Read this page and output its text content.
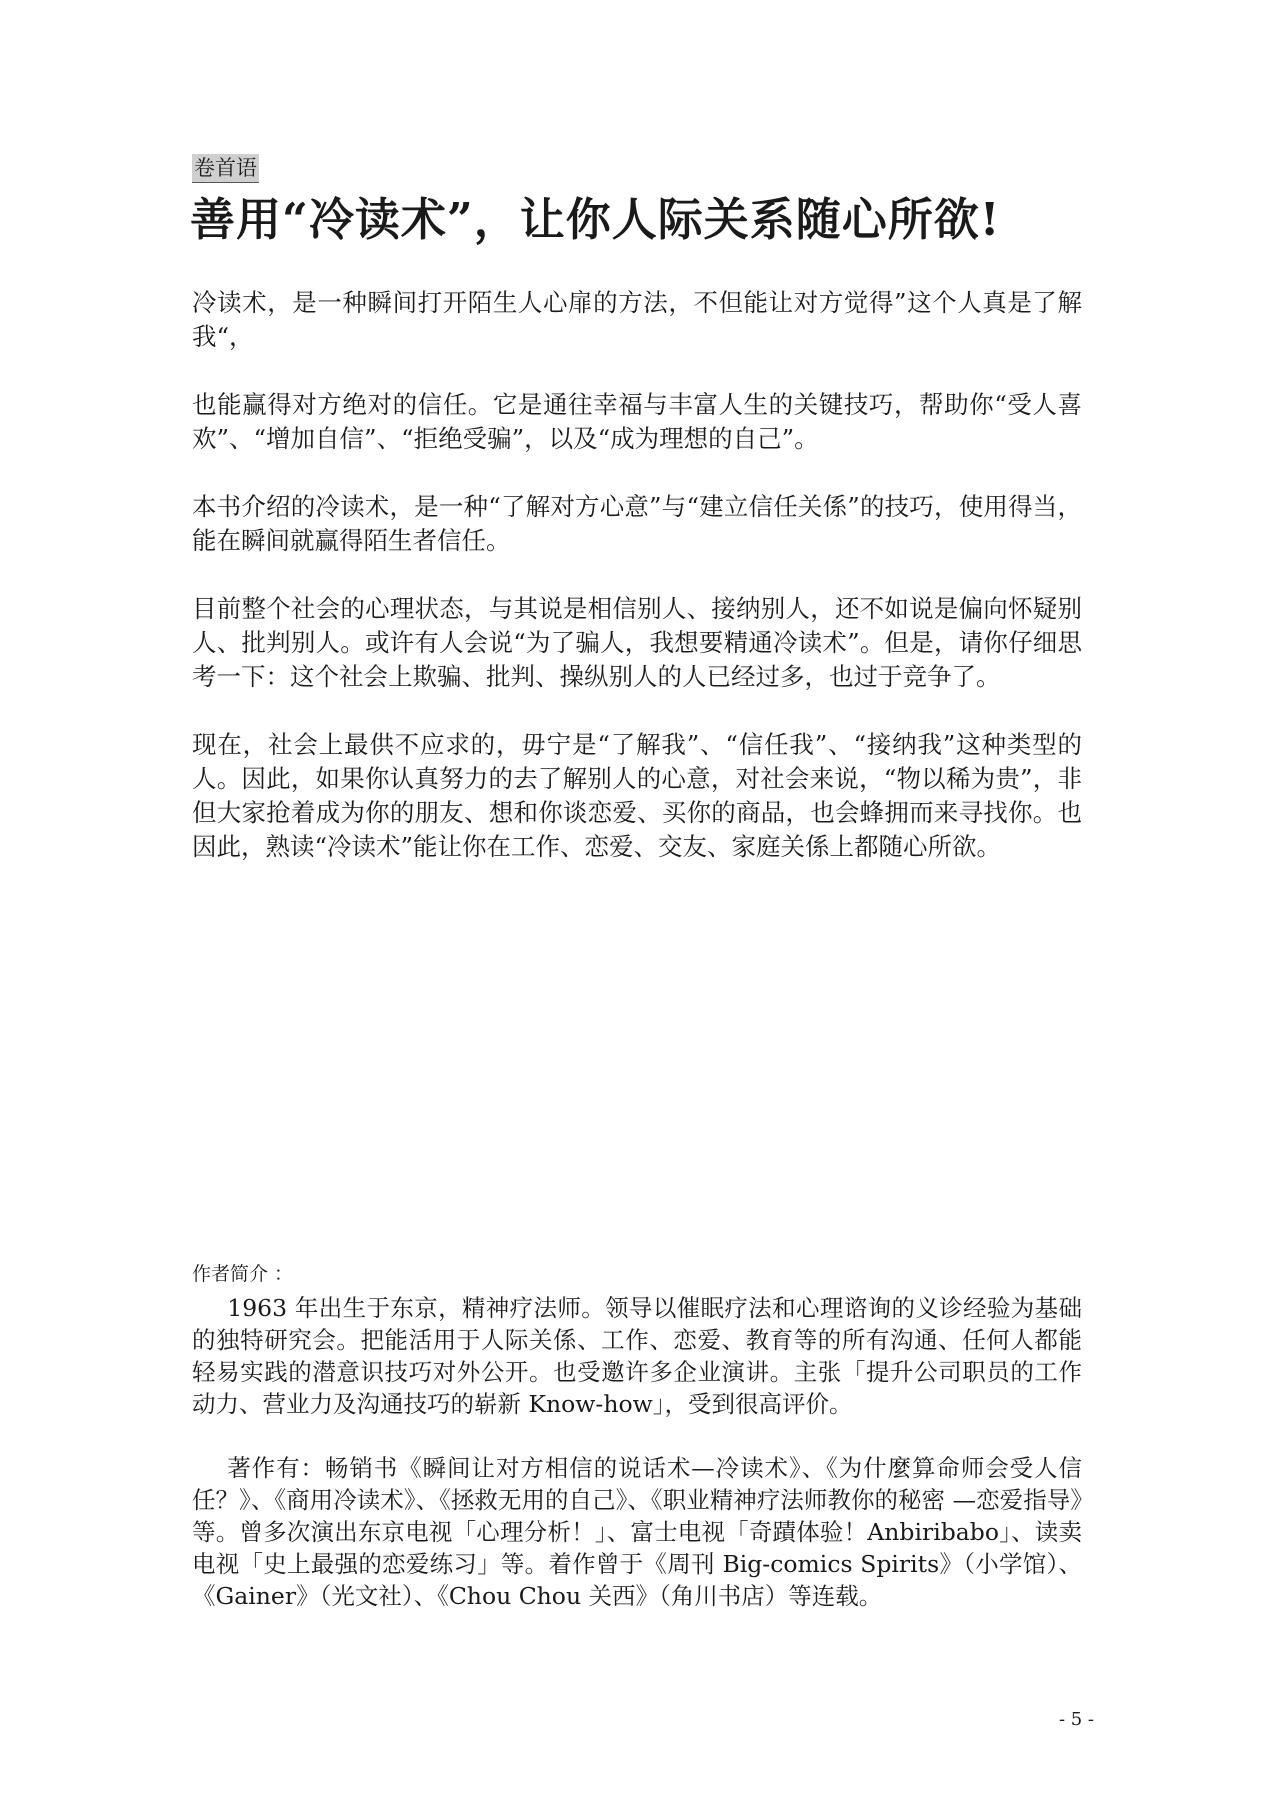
卷首语
善用“冷读术”，让你人际关系随心所欲!

冷读术，是一种瞬间打开陌生人心扉的方法，不但能让对方觉得”这个人真是了解我“，

也能赢得对方绝对的信任。它是通往幸福与丰富人生的关键技巧，帮助你“受人喜欢”、“增加自信”、“拒绝受骗”，以及“成为理想的自己”。

本书介绍的冷读术，是一种“了解对方心意”与“建立信任关係”的技巧，使用得当，能在瞬间就赢得陌生者信任。

目前整个社会的心理状态，与其说是相信别人、接纳别人，还不如说是偏向怀疑别人、批判别人。或许有人会说“为了骗人，我想要精通冷读术”。但是，请你仔细思考一下：这个社会上欺骗、批判、操纵别人的人已经过多，也过于竞争了。

现在，社会上最供不应求的，毋宁是“了解我”、“信任我”、“接纳我”这种类型的人。因此，如果你认真努力的去了解别人的心意，对社会来说，“物以稀为贵”，非但大家抢着成为你的朋友、想和你谈恋爱、买你的商品，也会蜂拥而来寻找你。也因此，熟读“冷读术”能让你在工作、恋爱、交友、家庭关係上都随心所欲。

作者简介 ：

1963 年出生于东京，精神疗法师。领导以催眠疗法和心理谘询的义诊经验为基础的独特研究会。把能活用于人际关係、工作、恋爱、教育等的所有沟通、任何人都能轻易实践的潜意识技巧对外公开。也受邀许多企业演讲。主张「提升公司职员的工作动力、营业力及沟通技巧的崭新 Know-how」，受到很高评价。

著作有：畅销书《瞬间让对方相信的说话术—冷读术》、《为什麼算命师会受人信任？》、《商用冷读术》、《拯救无用的自己》、《职业精神疗法师教你的秘密 —恋爱指导》等。曾多次演出东京电视「心理分析！」、富士电视「奇蹟体验！Anbiribabo」、读卖电视「史上最强的恋爱练习」等。着作曾于《周刊 Big-comics Spirits》（小学馆）、《Gainer》（光文社）、《Chou Chou 关西》（角川书店）等连载。

- 5 -
